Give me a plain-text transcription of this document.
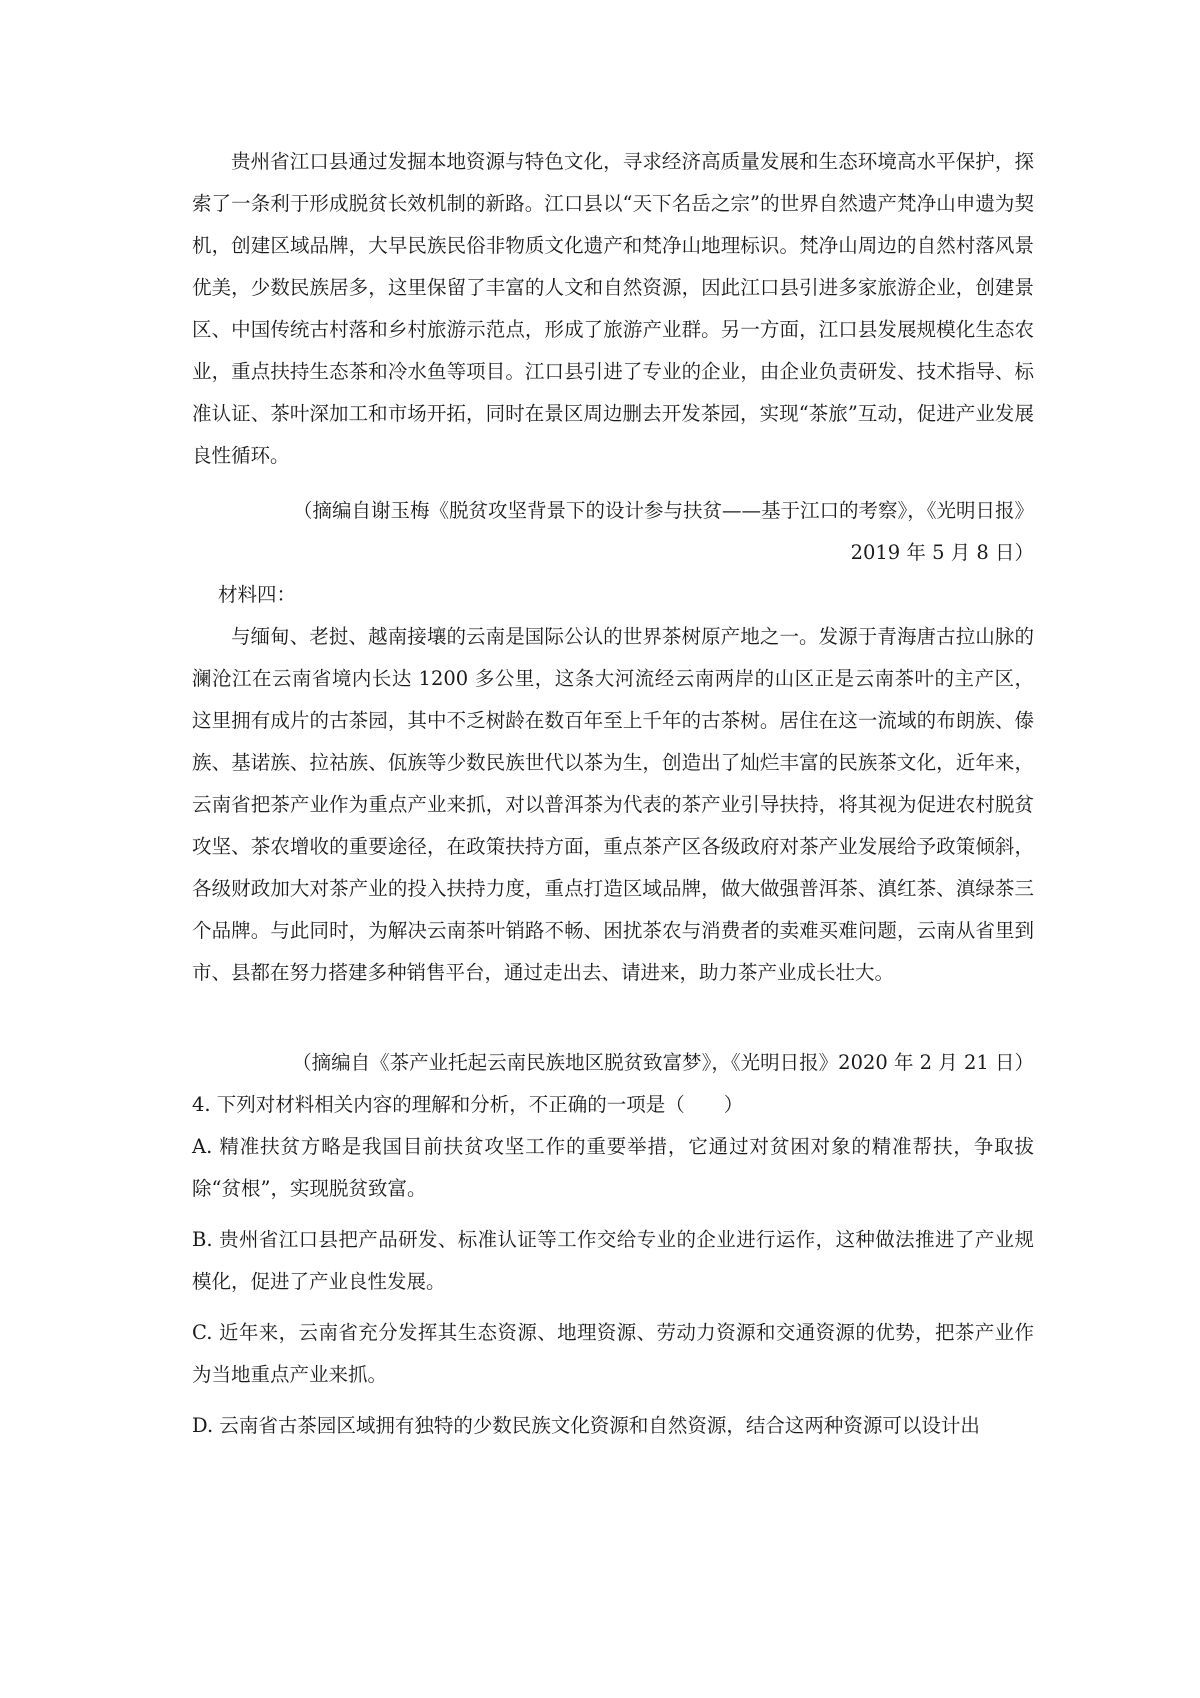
贵州省江口县通过发掘本地资源与特色文化，寻求经济高质量发展和生态环境高水平保护，探索了一条利于形成脱贫长效机制的新路。江口县以“天下名岳之宗”的世界自然遗产梵净山申遗为契机，创建区域品牌，大早民族民俗非物质文化遗产和梵净山地理标识。梵净山周边的自然村落风景优美，少数民族居多，这里保留了丰富的人文和自然资源，因此江口县引进多家旅游企业，创建景区、中国传统古村落和乡村旅游示范点，形成了旅游产业群。另一方面，江口县发展规模化生态农业，重点扶持生态茶和冷水鱼等项目。江口县引进了专业的企业，由企业负责研发、技术指导、标准认证、茶叶深加工和市场开拓，同时在景区周边删去开发茶园，实现“茶旅”互动，促进产业发展良性循环。

（摘编自谢玉梅《脱贫攻坚背景下的设计参与扶贫——基于江口的考察》，《光明日报》

2019 年 5 月 8 日）

材料四：

与缅甸、老挝、越南接壤的云南是国际公认的世界茶树原产地之一。发源于青海唐古拉山脉的澜沧江在云南省境内长达 1200 多公里，这条大河流经云南两岸的山区正是云南茶叶的主产区，这里拥有成片的古茶园，其中不乏树龄在数百年至上千年的古茶树。居住在这一流域的布朗族、傣族、基诺族、拉祜族、佤族等少数民族世代以茶为生，创造出了灿烂丰富的民族茶文化，近年来，云南省把茶产业作为重点产业来抓，对以普洱茶为代表的茶产业引导扶持，将其视为促进农村脱贫攻坚、茶农增收的重要途径，在政策扶持方面，重点茶产区各级政府对茶产业发展给予政策倾斜，各级财政加大对茶产业的投入扶持力度，重点打造区域品牌，做大做强普洱茶、滇红茶、滇绿茶三个品牌。与此同时，为解决云南茶叶销路不畅、困扰茶农与消费者的卖难买难问题，云南从省里到市、县都在努力搭建多种销售平台，通过走出去、请进来，助力茶产业成长壮大。

（摘编自《茶产业托起云南民族地区脱贫致富梦》，《光明日报》2020 年 2 月 21 日）

4. 下列对材料相关内容的理解和分析，不正确的一项是（　　）

A. 精准扶贫方略是我国目前扶贫攻坚工作的重要举措，它通过对贫困对象的精准帮扶，争取拔除“贫根”，实现脱贫致富。

B. 贵州省江口县把产品研发、标准认证等工作交给专业的企业进行运作，这种做法推进了产业规模化，促进了产业良性发展。

C. 近年来，云南省充分发挥其生态资源、地理资源、劳动力资源和交通资源的优势，把茶产业作为当地重点产业来抓。

D. 云南省古茶园区域拥有独特的少数民族文化资源和自然资源，结合这两种资源可以设计出
